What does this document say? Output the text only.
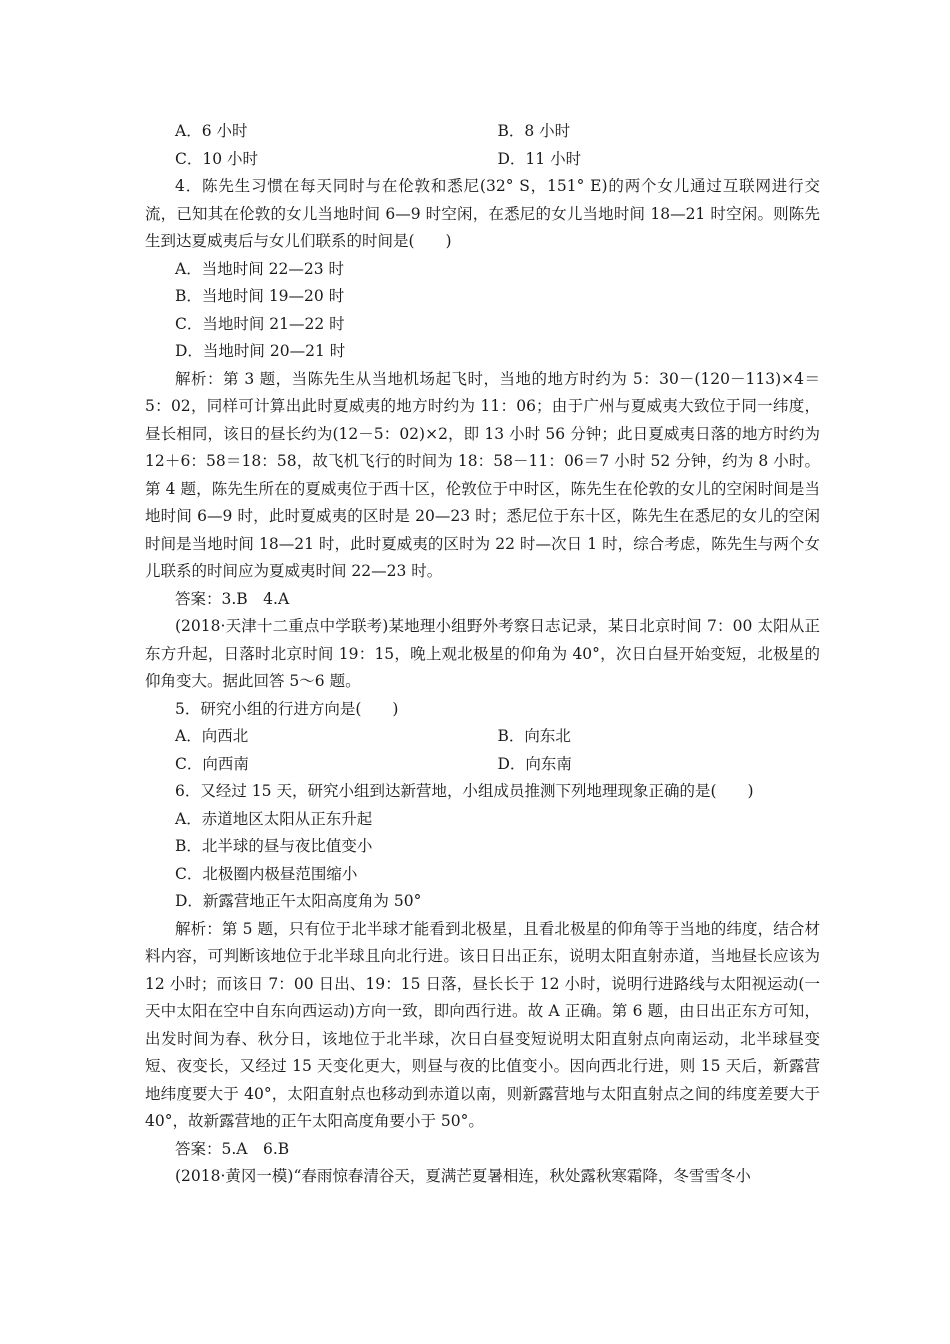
A．6 小时	B．8 小时
C．10 小时	D．11 小时

4．陈先生习惯在每天同时与在伦敦和悉尼(32° S，151° E)的两个女儿通过互联网进行交流，已知其在伦敦的女儿当地时间 6—9 时空闲，在悉尼的女儿当地时间 18—21 时空闲。则陈先生到达夏威夷后与女儿们联系的时间是(　　)

A．当地时间 22—23 时
B．当地时间 19—20 时
C．当地时间 21—22 时
D．当地时间 20—21 时

解析：第 3 题，当陈先生从当地机场起飞时，当地的地方时约为 5：30－(120－113)×4＝5：02，同样可计算出此时夏威夷的地方时约为 11：06；由于广州与夏威夷大致位于同一纬度，昼长相同，该日的昼长约为(12－5：02)×2，即 13 小时 56 分钟；此日夏威夷日落的地方时约为 12＋6：58＝18：58，故飞机飞行的时间为 18：58－11：06＝7 小时 52 分钟，约为 8 小时。第 4 题，陈先生所在的夏威夷位于西十区，伦敦位于中时区，陈先生在伦敦的女儿的空闲时间是当地时间 6—9 时，此时夏威夷的区时是 20—23 时；悉尼位于东十区，陈先生在悉尼的女儿的空闲时间是当地时间 18—21 时，此时夏威夷的区时为 22 时—次日 1 时，综合考虑，陈先生与两个女儿联系的时间应为夏威夷时间 22—23 时。

答案：3.B　4.A

(2018·天津十二重点中学联考)某地理小组野外考察日志记录，某日北京时间 7：00 太阳从正东方升起，日落时北京时间 19：15，晚上观北极星的仰角为 40°，次日白昼开始变短，北极星的仰角变大。据此回答 5～6 题。

5．研究小组的行进方向是(　　)
A．向西北	B．向东北
C．向西南	D．向东南
6．又经过 15 天，研究小组到达新营地，小组成员推测下列地理现象正确的是(　　)
A．赤道地区太阳从正东升起
B．北半球的昼与夜比值变小
C．北极圈内极昼范围缩小
D．新露营地正午太阳高度角为 50°

解析：第 5 题，只有位于北半球才能看到北极星，且看北极星的仰角等于当地的纬度，结合材料内容，可判断该地位于北半球且向北行进。该日日出正东，说明太阳直射赤道，当地昼长应该为 12 小时；而该日 7：00 日出、19：15 日落，昼长长于 12 小时，说明行进路线与太阳视运动(一天中太阳在空中自东向西运动)方向一致，即向西行进。故 A 正确。第 6 题，由日出正东方可知，出发时间为春、秋分日，该地位于北半球，次日白昼变短说明太阳直射点向南运动，北半球昼变短、夜变长，又经过 15 天变化更大，则昼与夜的比值变小。因向西北行进，则 15 天后，新露营地纬度要大于 40°，太阳直射点也移动到赤道以南，则新露营地与太阳直射点之间的纬度差要大于 40°，故新露营地的正午太阳高度角要小于 50°。

答案：5.A　6.B
(2018·黄冈一模)“春雨惊春清谷天，夏满芒夏暑相连，秋处露秋寒霜降，冬雪雪冬小
